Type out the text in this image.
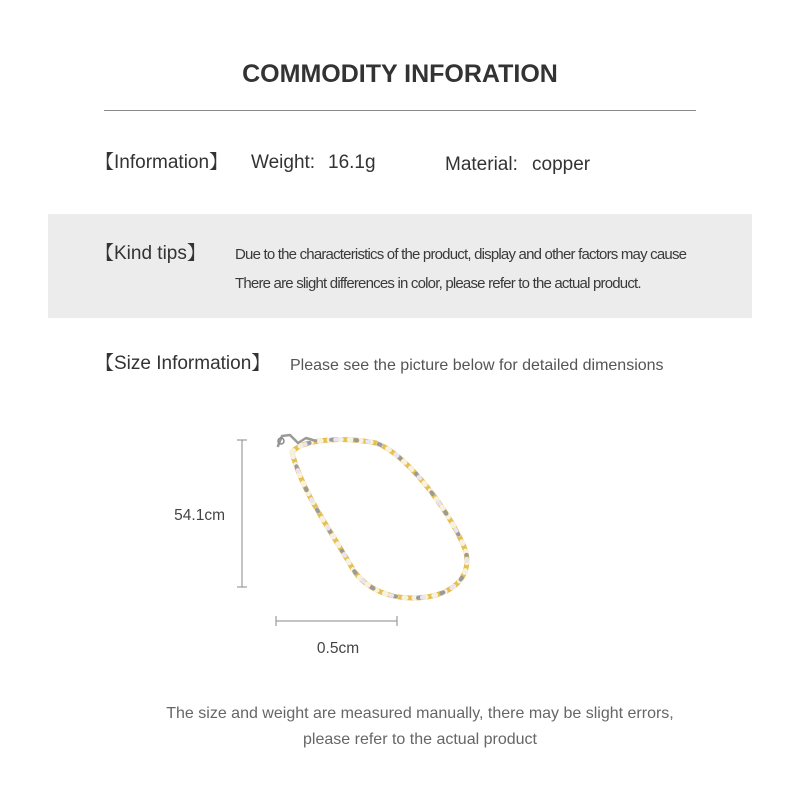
COMMODITY INFORATION
【Information】 Weight: 16.1g	Material: copper
【Kind tips】 Due to the characteristics of the product, display and other factors may cause
There are slight differences in color, please refer to the actual product.
【Size Information】 Please see the picture below for detailed dimensions
54.1cm
0.5cm
The size and weight are measured manually, there may be slight errors,
please refer to the actual product
